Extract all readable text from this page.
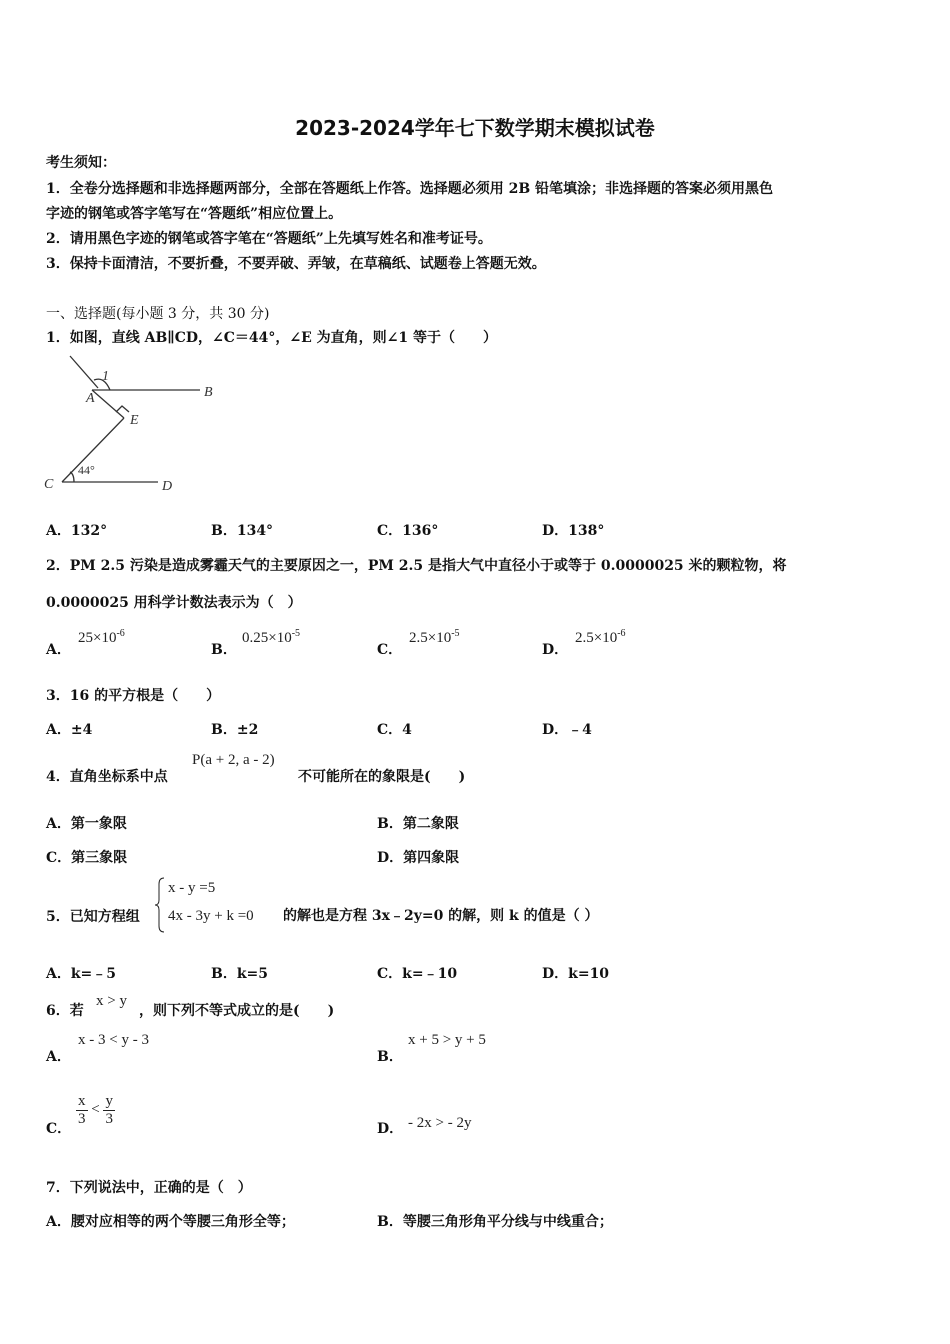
2023-2024学年七下数学期末模拟试卷
考生须知：
1．全卷分选择题和非选择题两部分，全部在答题纸上作答。选择题必须用 2B 铅笔填涂；非选择题的答案必须用黑色
字迹的钢笔或答字笔写在“答题纸”相应位置上。
2．请用黑色字迹的钢笔或答字笔在“答题纸”上先填写姓名和准考证号。
3．保持卡面清洁，不要折叠，不要弄破、弄皱，在草稿纸、试题卷上答题无效。
一、选择题(每小题 3 分，共 30 分)
1．如图，直线 AB∥CD，∠C＝44°，∠E 为直角，则∠1 等于（　　）
1
A	B
E
C	D
44°
A．132°	B．134°	C．136°	D．138°
2．PM 2.5 污染是造成雾霾天气的主要原因之一，PM 2.5 是指大气中直径小于或等于 0.0000025 米的颗粒物，将
0.0000025 用科学计数法表示为（　）
A．
$25\times 10^{-6}$
B．
$0.25\times 10^{-5}$
C．
$2.5\times 10^{-5}$
D．
$2.5\times 10^{-6}$
3．16 的平方根是（　　）
A．±4	B．±2	C．4	D．﹣4
4．直角坐标系中点
P(a + 2, a - 2)
不可能所在的象限是(　　)
A．第一象限	B．第二象限
C．第三象限	D．第四象限
5．已知方程组
x - y =5
4x - 3y + k =0 的解也是方程 3x﹣2y=0 的解，则 k 的值是（ ）
A．k=﹣5	B．k=5	C．k=﹣10	D．k=10
6．若
x > y
，则下列不等式成立的是(　　)
A．
x - 3 < y - 3
B．
x + 5 > y + 5
C．
$\frac{x}{3} < \frac{y}{3}$
D． - 2x > - 2y
7．下列说法中，正确的是（　）
A．腰对应相等的两个等腰三角形全等；	B．等腰三角形角平分线与中线重合；
